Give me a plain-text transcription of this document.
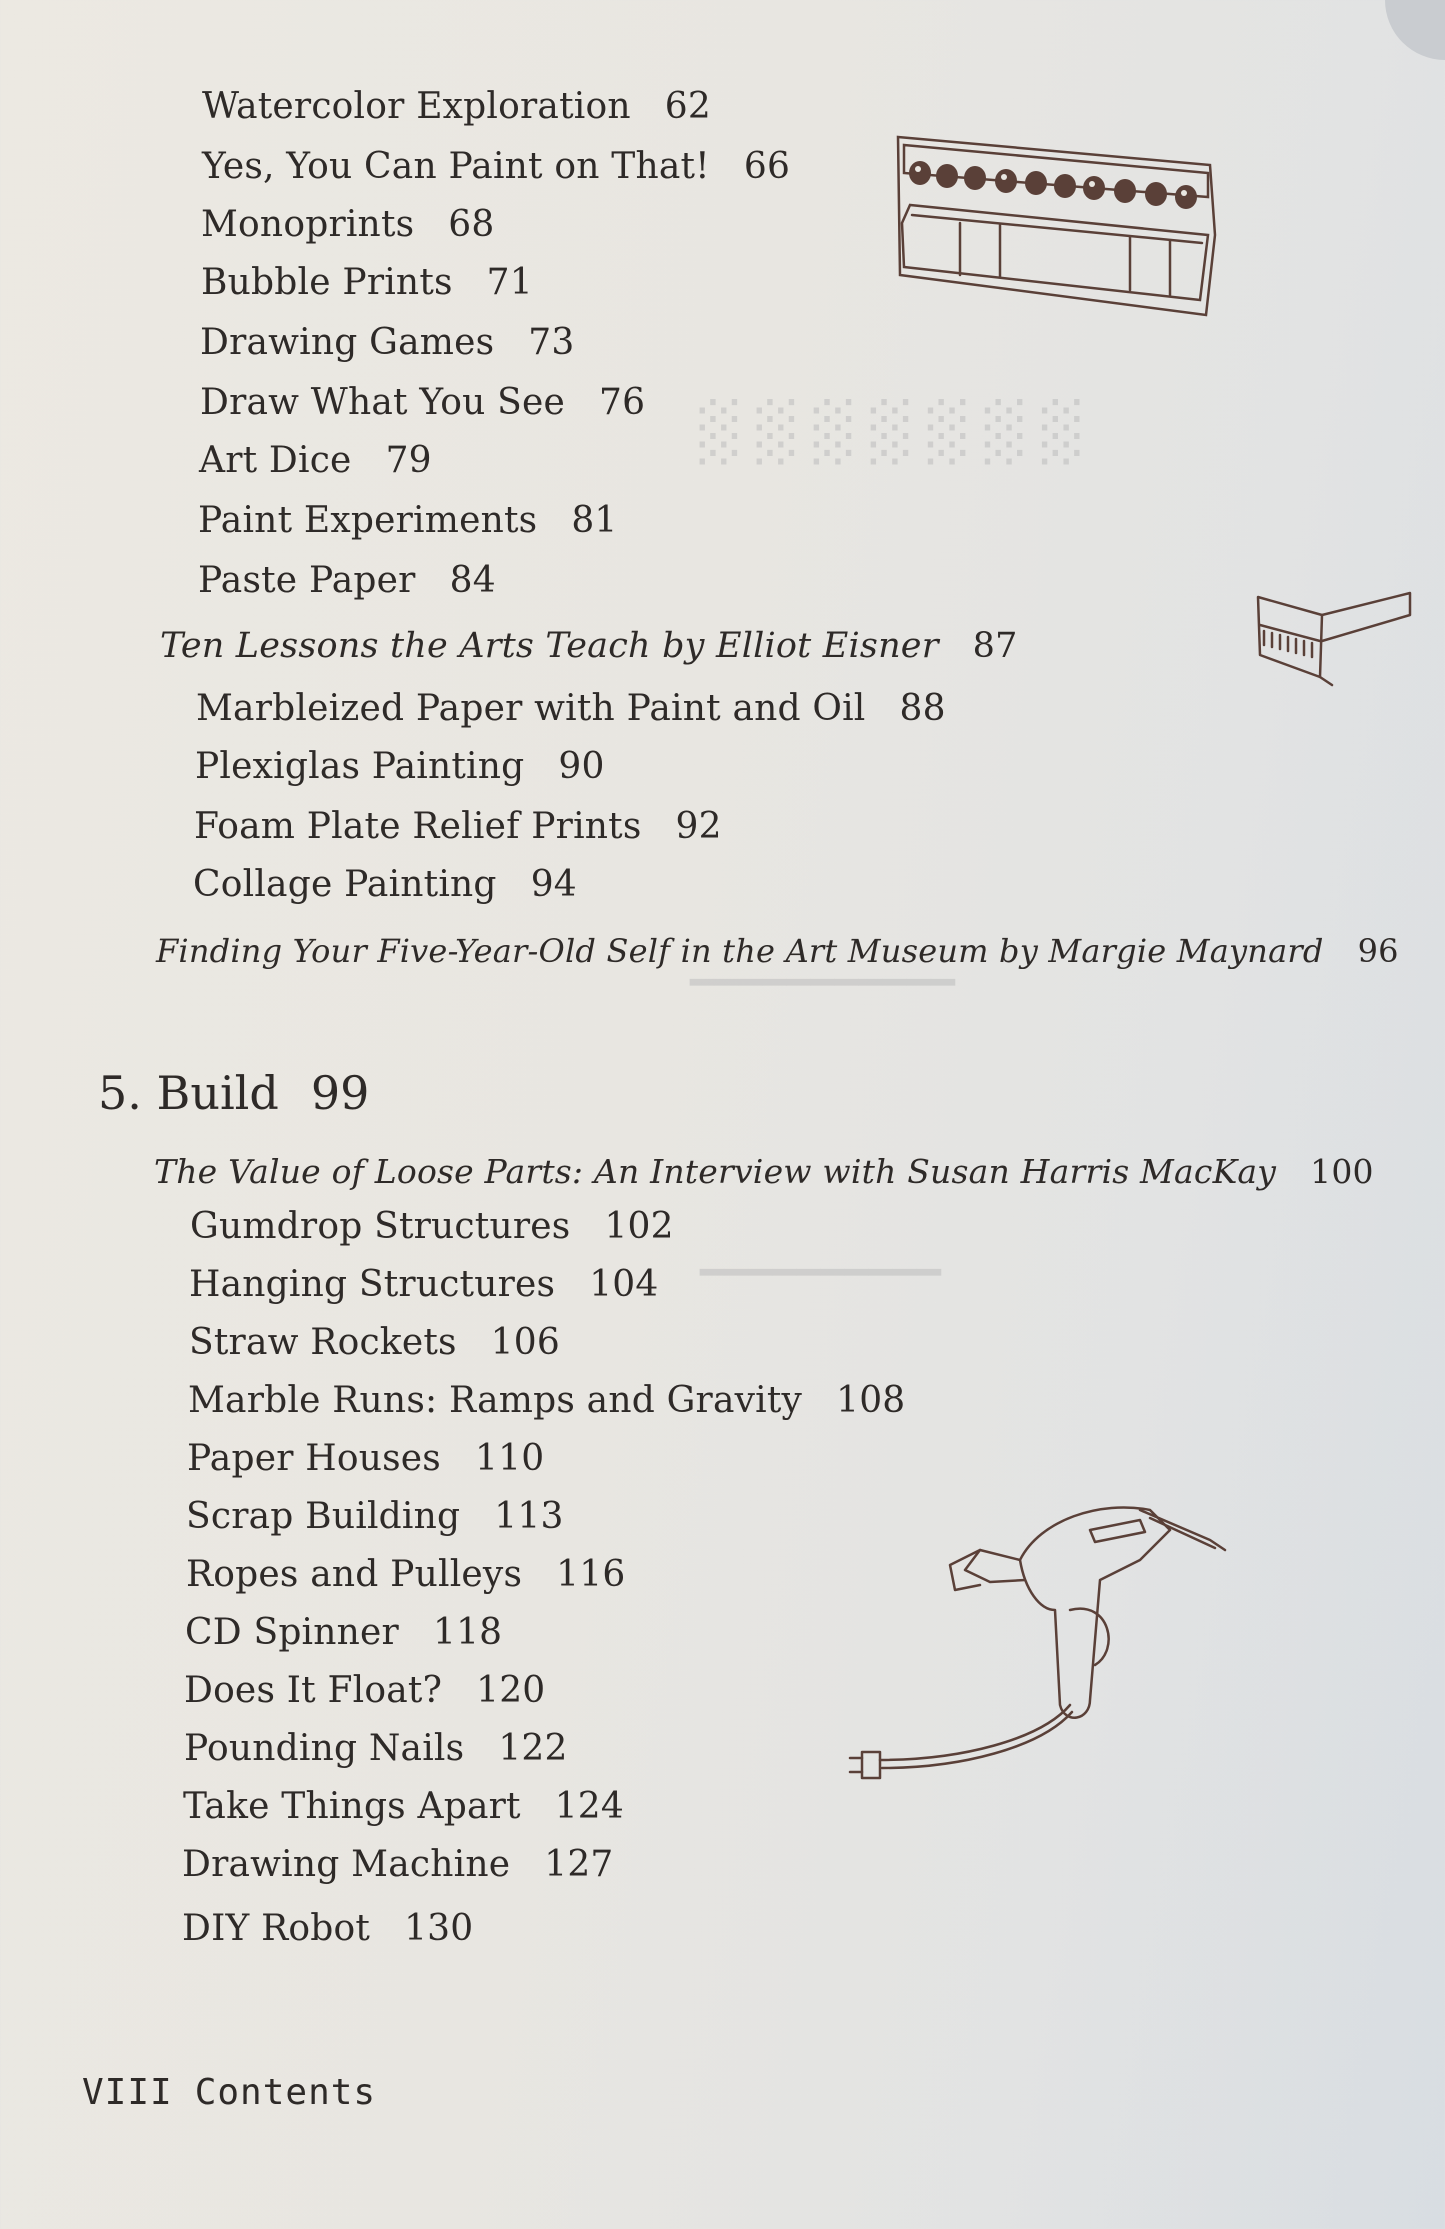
░░░░░░░
━━━━━━━━━━━
━━━━━━━━━━
Watercolor Exploration 62
Yes, You Can Paint on That! 66
Monoprints 68
Bubble Prints 71
Drawing Games 73
Draw What You See 76
Art Dice 79
Paint Experiments 81
Paste Paper 84
Ten Lessons the Arts Teach by Elliot Eisner 87
Marbleized Paper with Paint and Oil 88
Plexiglas Painting 90
Foam Plate Relief Prints 92
Collage Painting 94
Finding Your Five-Year-Old Self in the Art Museum by Margie Maynard 96
5. Build 99
The Value of Loose Parts: An Interview with Susan Harris MacKay 100
Gumdrop Structures 102
Hanging Structures 104
Straw Rockets 106
Marble Runs: Ramps and Gravity 108
Paper Houses 110
Scrap Building 113
Ropes and Pulleys 116
CD Spinner 118
Does It Float? 120
Pounding Nails 122
Take Things Apart 124
Drawing Machine 127
DIY Robot 130
VIII Contents
